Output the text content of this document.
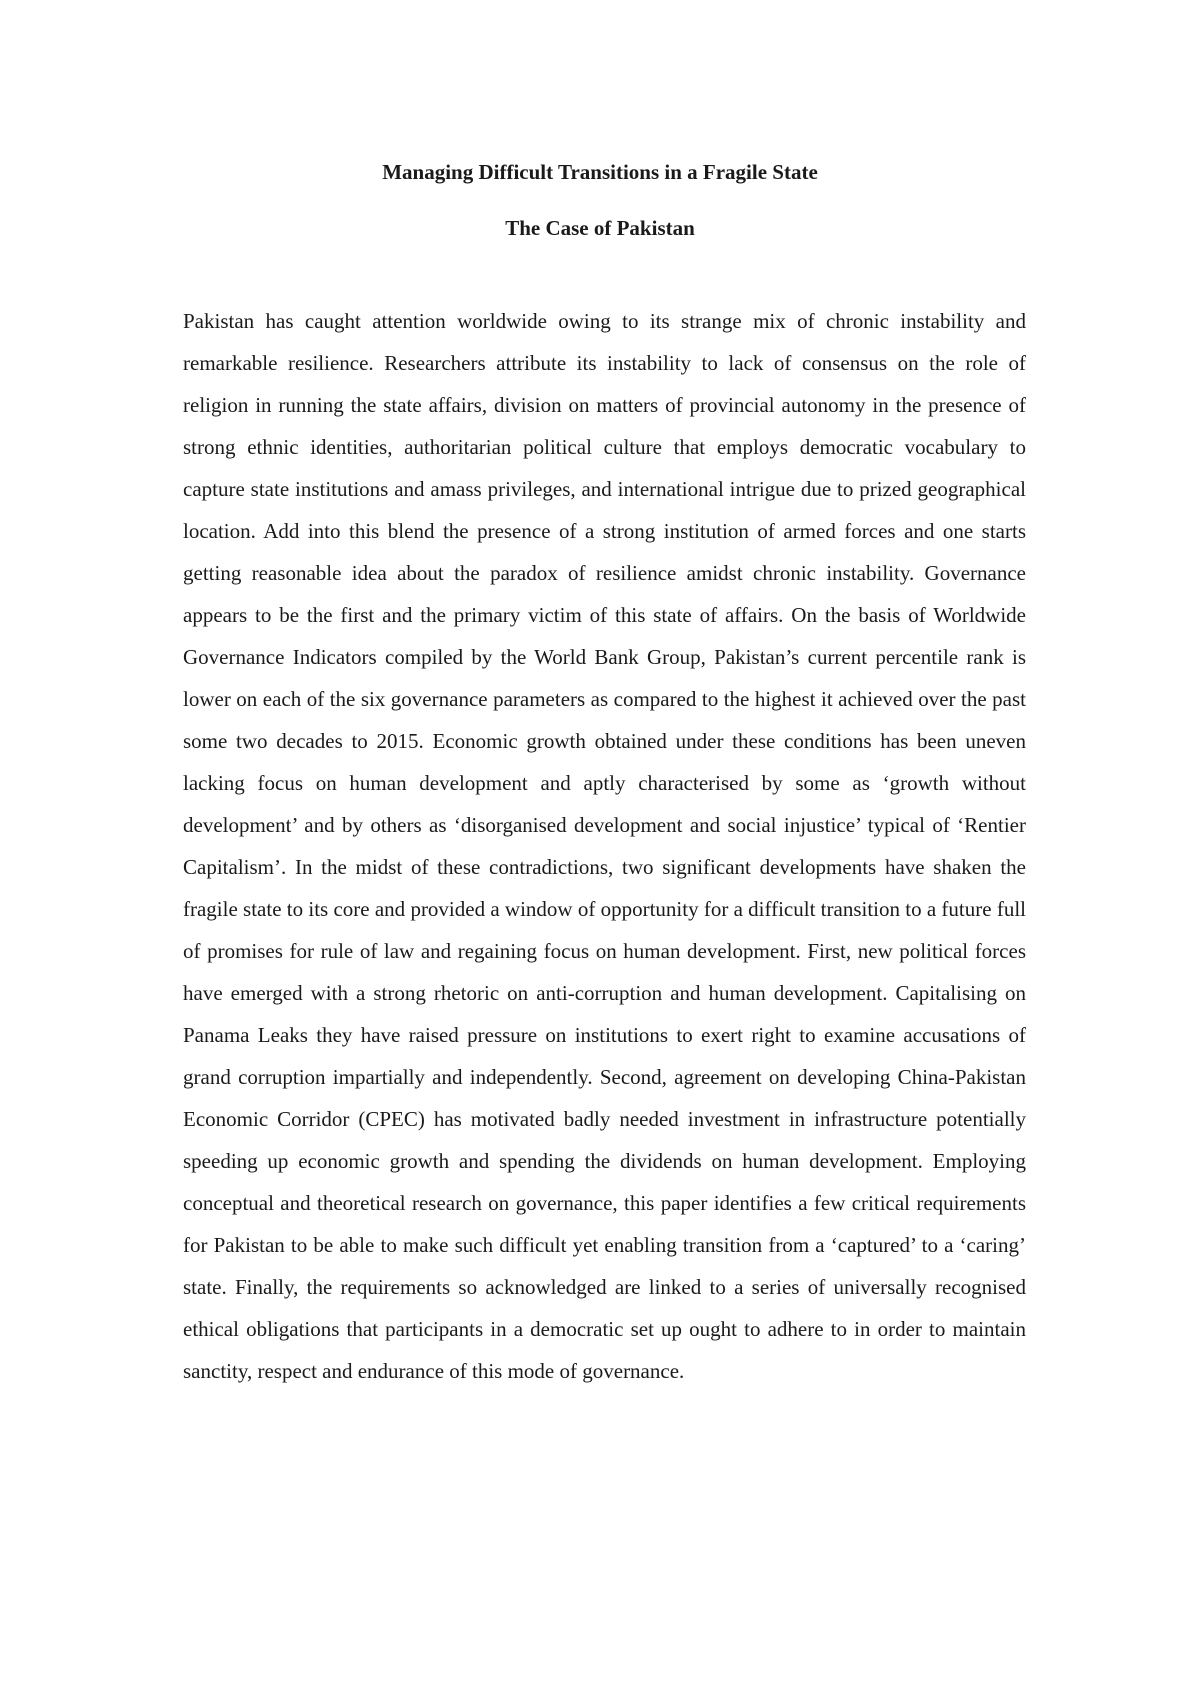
Managing Difficult Transitions in a Fragile State
The Case of Pakistan

Pakistan has caught attention worldwide owing to its strange mix of chronic instability and remarkable resilience. Researchers attribute its instability to lack of consensus on the role of religion in running the state affairs, division on matters of provincial autonomy in the presence of strong ethnic identities, authoritarian political culture that employs democratic vocabulary to capture state institutions and amass privileges, and international intrigue due to prized geographical location. Add into this blend the presence of a strong institution of armed forces and one starts getting reasonable idea about the paradox of resilience amidst chronic instability. Governance appears to be the first and the primary victim of this state of affairs. On the basis of Worldwide Governance Indicators compiled by the World Bank Group, Pakistan’s current percentile rank is lower on each of the six governance parameters as compared to the highest it achieved over the past some two decades to 2015. Economic growth obtained under these conditions has been uneven lacking focus on human development and aptly characterised by some as ‘growth without development’ and by others as ‘disorganised development and social injustice’ typical of ‘Rentier Capitalism’. In the midst of these contradictions, two significant developments have shaken the fragile state to its core and provided a window of opportunity for a difficult transition to a future full of promises for rule of law and regaining focus on human development. First, new political forces have emerged with a strong rhetoric on anti-corruption and human development. Capitalising on Panama Leaks they have raised pressure on institutions to exert right to examine accusations of grand corruption impartially and independently. Second, agreement on developing China-Pakistan Economic Corridor (CPEC) has motivated badly needed investment in infrastructure potentially speeding up economic growth and spending the dividends on human development. Employing conceptual and theoretical research on governance, this paper identifies a few critical requirements for Pakistan to be able to make such difficult yet enabling transition from a ‘captured’ to a ‘caring’ state. Finally, the requirements so acknowledged are linked to a series of universally recognised ethical obligations that participants in a democratic set up ought to adhere to in order to maintain sanctity, respect and endurance of this mode of governance.
